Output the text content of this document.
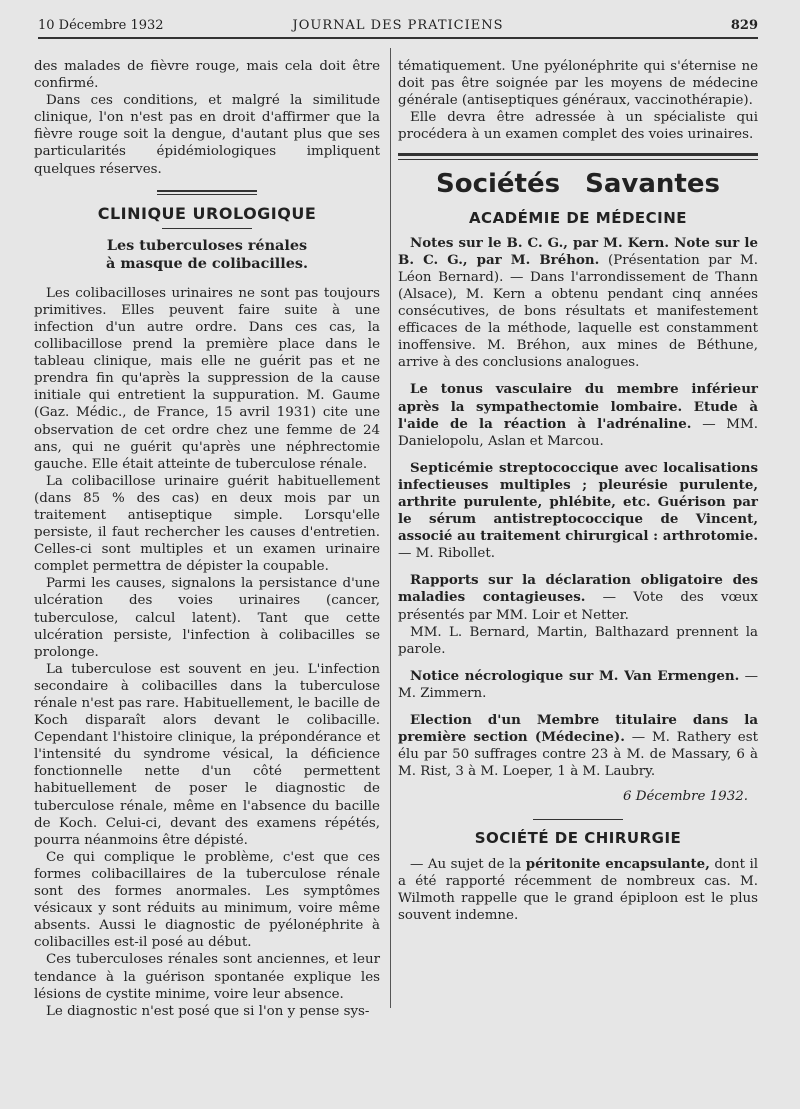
10 Décembre 1932	JOURNAL DES PRATICIENS	829

des malades de fièvre rouge, mais cela doit être confirmé.

Dans ces conditions, et malgré la similitude clinique, l'on n'est pas en droit d'affirmer que la fièvre rouge soit la dengue, d'autant plus que ses particularités épidémiologiques impliquent quelques réserves.

CLINIQUE UROLOGIQUE
Les tuberculoses rénales
à masque de colibacilles.

Les colibacilloses urinaires ne sont pas toujours primitives. Elles peuvent faire suite à une infection d'un autre ordre. Dans ces cas, la collibacillose prend la première place dans le tableau clinique, mais elle ne guérit pas et ne prendra fin qu'après la suppression de la cause initiale qui entretient la suppuration. M. Gaume (Gaz. Médic., de France, 15 avril 1931) cite une observation de cet ordre chez une femme de 24 ans, qui ne guérit qu'après une néphrectomie gauche. Elle était atteinte de tuberculose rénale.

La colibacillose urinaire guérit habituellement (dans 85 % des cas) en deux mois par un traitement antiseptique simple. Lorsqu'elle persiste, il faut rechercher les causes d'entretien. Celles-ci sont multiples et un examen urinaire complet permettra de dépister la coupable.

Parmi les causes, signalons la persistance d'une ulcération des voies urinaires (cancer, tuberculose, calcul latent). Tant que cette ulcération persiste, l'infection à colibacilles se prolonge.

La tuberculose est souvent en jeu. L'infection secondaire à colibacilles dans la tuberculose rénale n'est pas rare. Habituellement, le bacille de Koch disparaît alors devant le colibacille. Cependant l'histoire clinique, la prépondérance et l'intensité du syndrome vésical, la déficience fonctionnelle nette d'un côté permettent habituellement de poser le diagnostic de tuberculose rénale, même en l'absence du bacille de Koch. Celui-ci, devant des examens répétés, pourra néanmoins être dépisté.

Ce qui complique le problème, c'est que ces formes colibacillaires de la tuberculose rénale sont des formes anormales. Les symptômes vésicaux y sont réduits au minimum, voire même absents. Aussi le diagnostic de pyélonéphrite à colibacilles est-il posé au début.

Ces tuberculoses rénales sont anciennes, et leur tendance à la guérison spontanée explique les lésions de cystite minime, voire leur absence.

Le diagnostic n'est posé que si l'on y pense sys-

tématiquement. Une pyélonéphrite qui s'éternise ne doit pas être soignée par les moyens de médecine générale (antiseptiques généraux, vaccinothérapie).

Elle devra être adressée à un spécialiste qui procédera à un examen complet des voies urinaires.

Sociétés Savantes
ACADÉMIE DE MÉDECINE

Notes sur le B. C. G., par M. Kern. Note sur le B. C. G., par M. Bréhon. (Présentation par M. Léon Bernard). — Dans l'arrondissement de Thann (Alsace), M. Kern a obtenu pendant cinq années consécutives, de bons résultats et manifestement efficaces de la méthode, laquelle est constamment inoffensive. M. Bréhon, aux mines de Béthune, arrive à des conclusions analogues.

Le tonus vasculaire du membre inférieur après la sympathectomie lombaire. Etude à l'aide de la réaction à l'adrénaline. — MM. Danielopolu, Aslan et Marcou.

Septicémie streptococcique avec localisations infectieuses multiples ; pleurésie purulente, arthrite purulente, phlébite, etc. Guérison par le sérum antistreptococcique de Vincent, associé au traitement chirurgical : arthrotomie. — M. Ribollet.

Rapports sur la déclaration obligatoire des maladies contagieuses. — Vote des vœux présentés par MM. Loir et Netter.

MM. L. Bernard, Martin, Balthazard prennent la parole.

Notice nécrologique sur M. Van Ermengen. — M. Zimmern.

Election d'un Membre titulaire dans la première section (Médecine). — M. Rathery est élu par 50 suffrages contre 23 à M. de Massary, 6 à M. Rist, 3 à M. Loeper, 1 à M. Laubry.

6 Décembre 1932.

SOCIÉTÉ DE CHIRURGIE

— Au sujet de la péritonite encapsulante, dont il a été rapporté récemment de nombreux cas. M. Wilmoth rappelle que le grand épiploon est le plus souvent indemne.
